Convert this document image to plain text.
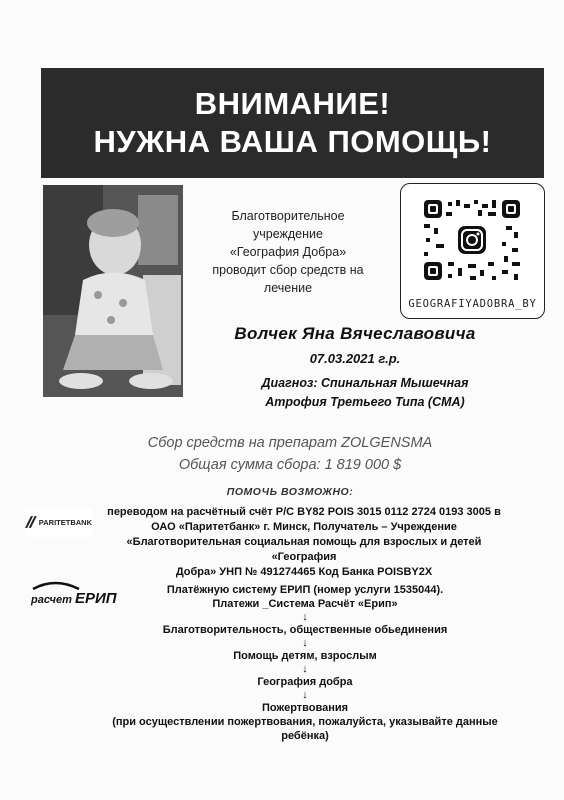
ВНИМАНИЕ!
НУЖНА ВАША ПОМОЩЬ!
Благотворительное
учреждение
«География Добра»
проводит сбор средств на
лечение
GEOGRAFIYADOBRA_BY
Волчек Яна Вячеславовича
07.03.2021 г.р.
Диагноз: Спинальная Мышечная
Атрофия Третьего Типа (СМА)
Сбор средств на препарат ZOLGENSMA
Общая сумма сбора: 1 819 000 $
ПОМОЧЬ ВОЗМОЖНО:
PARITETBANK
переводом на расчётный счёт Р/С BY82 POIS 3015 0112 2724 0193 3005 в
ОАО «Паритетбанк» г. Минск, Получатель – Учреждение
«Благотворительная социальная помощь для взрослых и детей «География
Добра» УНП № 491274465 Код Банка POISBY2X
расчет ЕРИП	Платёжную систему ЕРИП (номер услуги 1535044).
Платежи _Система Расчёт «Ерип»
↓
Благотворительность, общественные обьединения
↓
Помощь детям, взрослым
↓
География добра
↓
Пожертвования
(при осуществлении пожертвования, пожалуйста, указывайте данные ребёнка)
